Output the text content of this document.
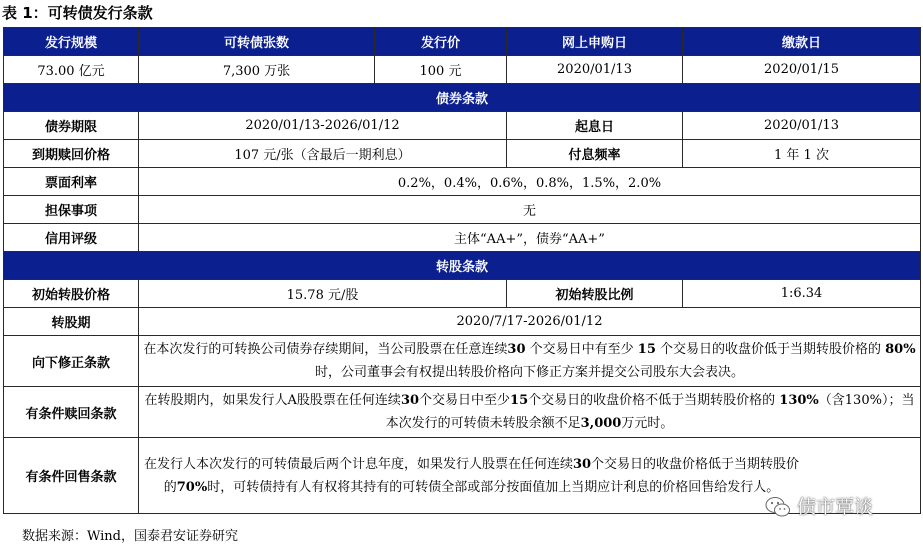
表 1：可转债发行条款
发行规模	可转债张数	发行价	网上申购日	缴款日
73.00 亿元	7,300 万张	100 元	2020/01/13	2020/01/15
债券条款				
债券期限	2020/01/13-2026/01/12		起息日	2020/01/13
到期赎回价格	107 元/张（含最后一期利息）		付息频率	1 年 1 次
票面利率	0.2%，0.4%，0.6%，0.8%，1.5%，2.0%			
担保事项	无			
信用评级	主体“AA+”，债券“AA+”			
转股条款				
初始转股价格	15.78 元/股		初始转股比例	1:6.34
转股期	2020/7/17-2026/01/12			
向下修正条款	在本次发行的可转换公司债券存续期间，当公司股票在任意连续30 个交易日中有至少 15 个交易日的收盘价低于当期转股价格的 80%时，公司董事会有权提出转股价格向下修正方案并提交公司股东大会表决。			
有条件赎回条款	在转股期内，如果发行人A股股票在任何连续30个交易日中至少15个交易日的收盘价格不低于当期转股价格的 130%（含130%）；当本次发行的可转债未转股余额不足3,000万元时。			
有条件回售条款	在发行人本次发行的可转债最后两个计息年度，如果发行人股票在任何连续30个交易日的收盘价格低于当期转股价的70%时，可转债持有人有权将其持有的可转债全部或部分按面值加上当期应计利息的价格回售给发行人。			
债市覃谈
数据来源：Wind，国泰君安证券研究
